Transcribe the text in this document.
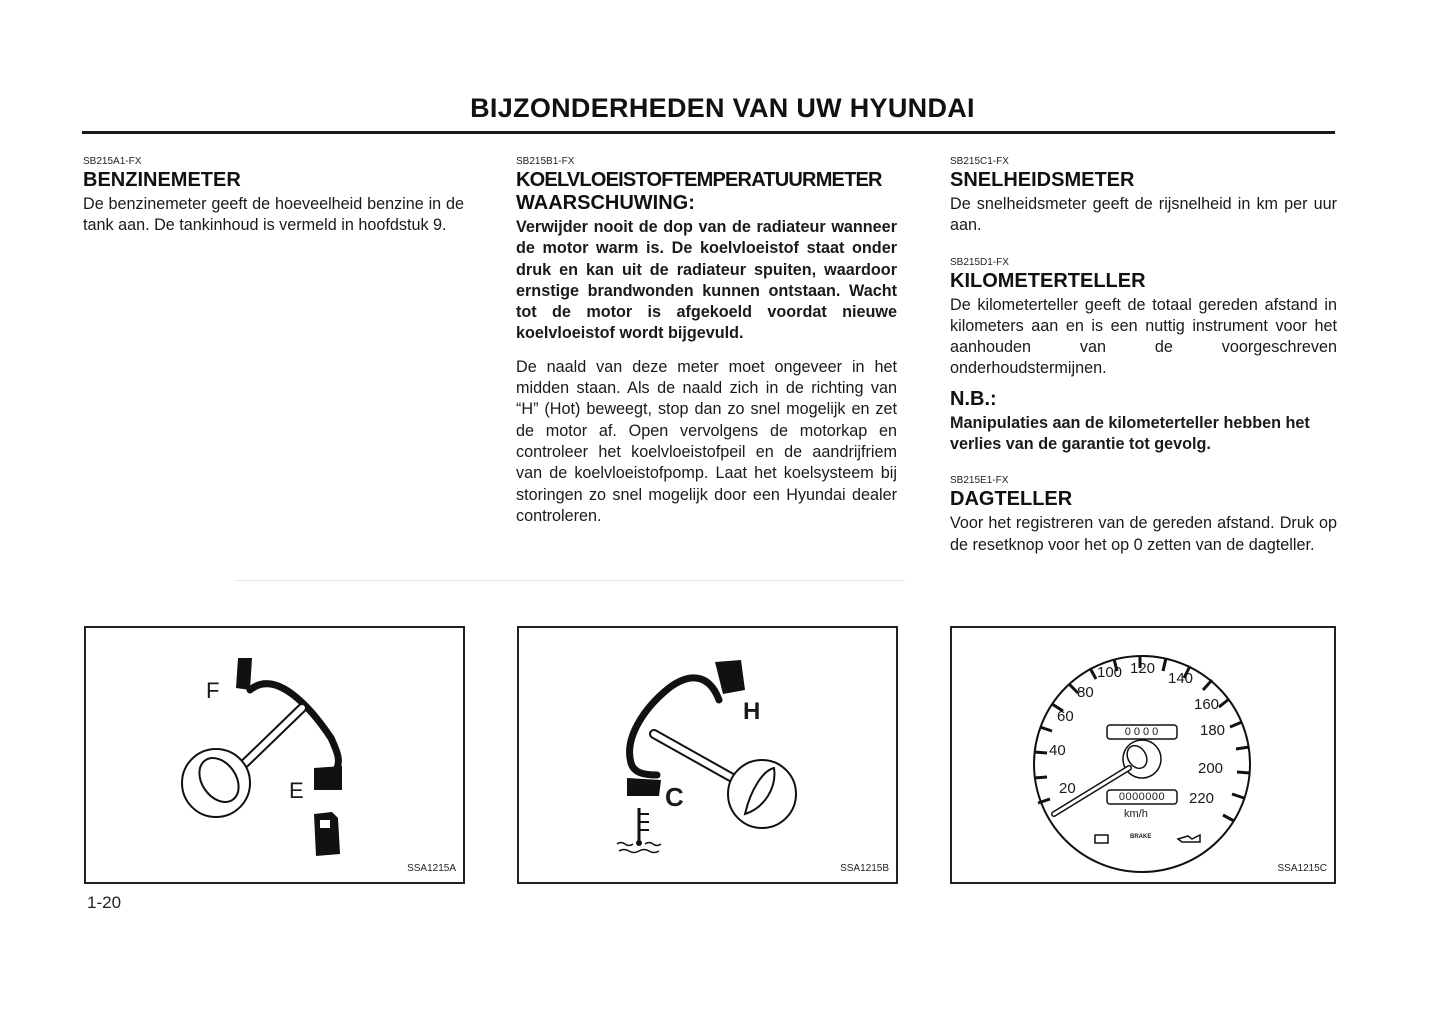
BIJZONDERHEDEN VAN UW HYUNDAI

SB215A1-FX

BENZINEMETER

De benzinemeter geeft de hoeveelheid benzine in de tank aan. De tankinhoud is vermeld in hoofdstuk 9.

SB215B1-FX

KOELVLOEISTOFTEMPERATUURMETER
WAARSCHUWING:

Verwijder nooit de dop van de radiateur wanneer de motor warm is. De koelvloeistof staat onder druk en kan uit de radiateur spuiten, waardoor ernstige brandwonden kunnen ontstaan. Wacht tot de motor is afgekoeld voordat nieuwe koelvloeistof wordt bijgevuld.

De naald van deze meter moet ongeveer in het midden staan. Als de naald zich in de richting van “H” (Hot) beweegt, stop dan zo snel mogelijk en zet de motor af. Open vervolgens de motorkap en controleer het koelvloeistofpeil en de aandrijfriem van de koelvloeistofpomp. Laat het koelsysteem bij storingen zo snel mogelijk door een Hyundai dealer controleren.

SB215C1-FX

SNELHEIDSMETER

De snelheidsmeter geeft de rijsnelheid in km per uur aan.

SB215D1-FX

KILOMETERTELLER

De kilometerteller geeft de totaal gereden afstand in kilometers aan en is een nuttig instrument voor het aanhouden van de voorgeschreven onderhoudstermijnen.

N.B.:

Manipulaties aan de kilometerteller hebben het verlies van de garantie tot gevolg.

SB215E1-FX

DAGTELLER

Voor het registreren van de gereden afstand. Druk op de resetknop voor het op 0 zetten van de dagteller.

F
E
SSA1215A
H
C
SSA1215B
20
40
60
80
100 120
140
160
180
200
220
0000
0000000
km/h
BRAKE
SSA1215C
1-20
